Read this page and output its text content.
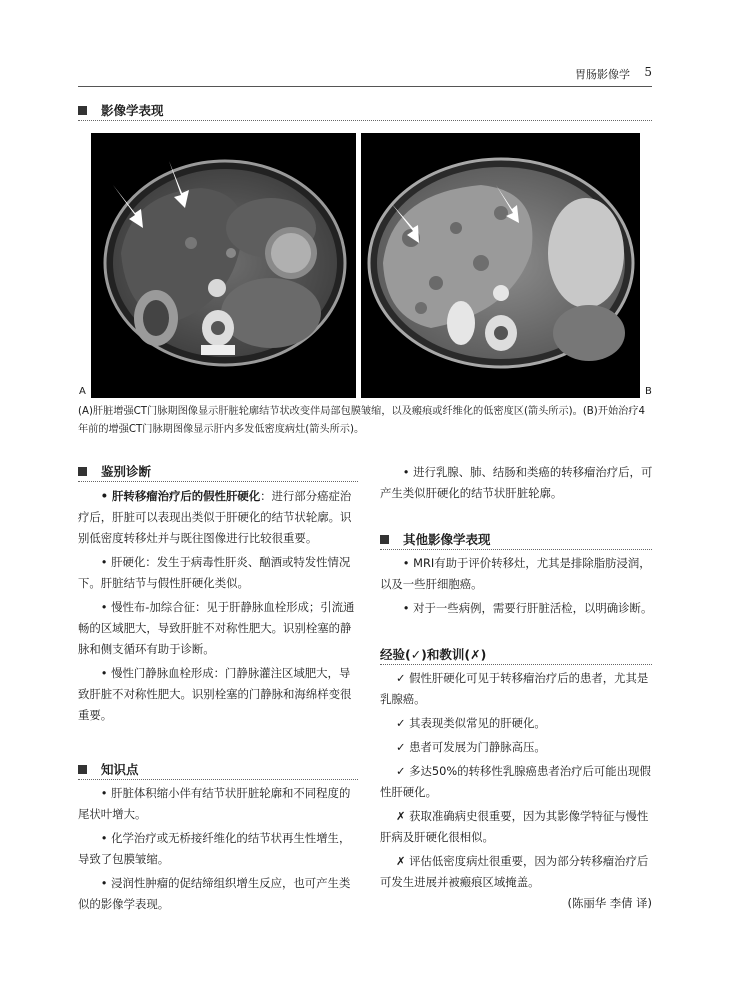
胃肠影像学 5
影像学表现
A	B
(A)肝脏增强CT门脉期图像显示肝脏轮廓结节状改变伴局部包膜皱缩，以及瘢痕或纤维化的低密度区(箭头所示)。(B)开始治疗4年前的增强CT门脉期图像显示肝内多发低密度病灶(箭头所示)。
鉴别诊断

• 肝转移瘤治疗后的假性肝硬化：进行部分癌症治疗后，肝脏可以表现出类似于肝硬化的结节状轮廓。识别低密度转移灶并与既往图像进行比较很重要。

• 肝硬化：发生于病毒性肝炎、酗酒或特发性情况下。肝脏结节与假性肝硬化类似。

• 慢性布-加综合征：见于肝静脉血栓形成；引流通畅的区域肥大，导致肝脏不对称性肥大。识别栓塞的静脉和侧支循环有助于诊断。

• 慢性门静脉血栓形成：门静脉灌注区域肥大，导致肝脏不对称性肥大。识别栓塞的门静脉和海绵样变很重要。

知识点

• 肝脏体积缩小伴有结节状肝脏轮廓和不同程度的尾状叶增大。

• 化学治疗或无桥接纤维化的结节状再生性增生，导致了包膜皱缩。

• 浸润性肿瘤的促结缔组织增生反应，也可产生类似的影像学表现。

• 进行乳腺、肺、结肠和类癌的转移瘤治疗后，可产生类似肝硬化的结节状肝脏轮廓。

其他影像学表现

• MRI有助于评价转移灶，尤其是排除脂肪浸润，以及一些肝细胞癌。

• 对于一些病例，需要行肝脏活检，以明确诊断。

经验(✓)和教训(✗)

✓ 假性肝硬化可见于转移瘤治疗后的患者，尤其是乳腺癌。

✓ 其表现类似常见的肝硬化。

✓ 患者可发展为门静脉高压。

✓ 多达50%的转移性乳腺癌患者治疗后可能出现假性肝硬化。

✗ 获取准确病史很重要，因为其影像学特征与慢性肝病及肝硬化很相似。

✗ 评估低密度病灶很重要，因为部分转移瘤治疗后可发生进展并被瘢痕区域掩盖。

(陈丽华 李倩 译)
